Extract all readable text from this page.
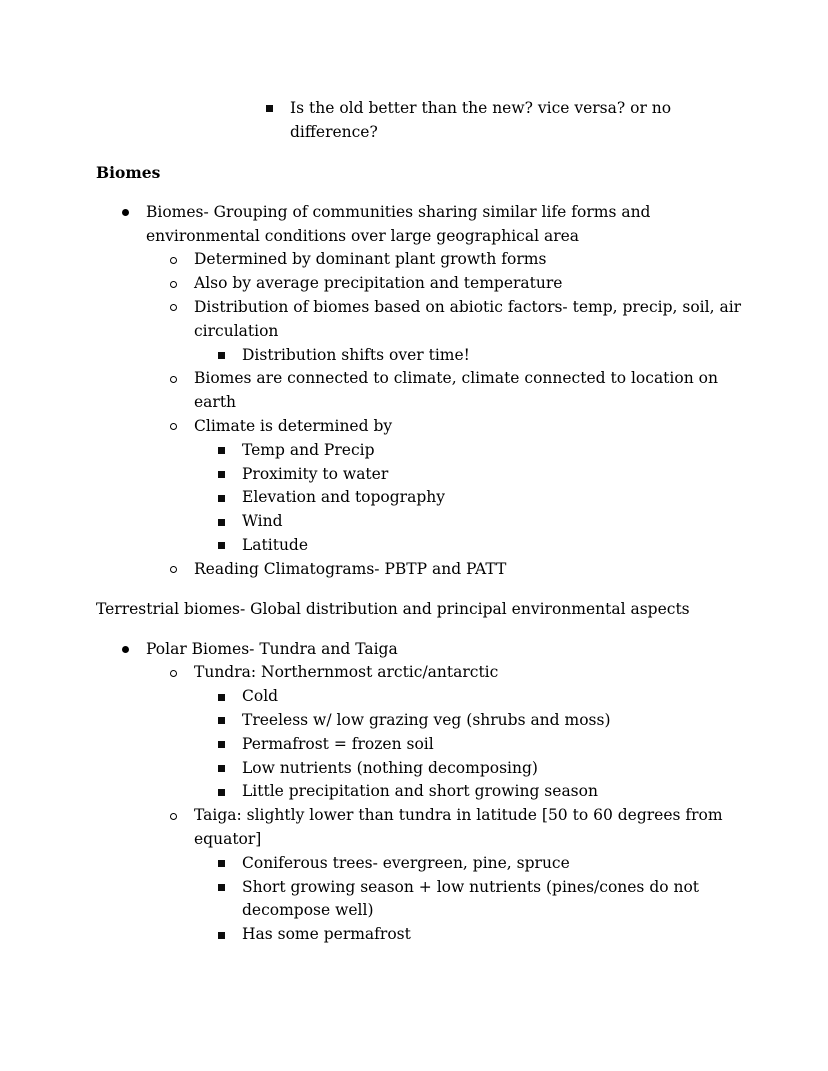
Is the old better than the new? vice versa? or no
difference?
Biomes
Biomes- Grouping of communities sharing similar life forms and
environmental conditions over large geographical area
Determined by dominant plant growth forms
Also by average precipitation and temperature
Distribution of biomes based on abiotic factors- temp, precip, soil, air
circulation
Distribution shifts over time!
Biomes are connected to climate, climate connected to location on
earth
Climate is determined by
Temp and Precip
Proximity to water
Elevation and topography
Wind
Latitude
Reading Climatograms- PBTP and PATT
Terrestrial biomes- Global distribution and principal environmental aspects
Polar Biomes- Tundra and Taiga
Tundra: Northernmost arctic/antarctic
Cold
Treeless w/ low grazing veg (shrubs and moss)
Permafrost = frozen soil
Low nutrients (nothing decomposing)
Little precipitation and short growing season
Taiga: slightly lower than tundra in latitude [50 to 60 degrees from
equator]
Coniferous trees- evergreen, pine, spruce
Short growing season + low nutrients (pines/cones do not
decompose well)
Has some permafrost
